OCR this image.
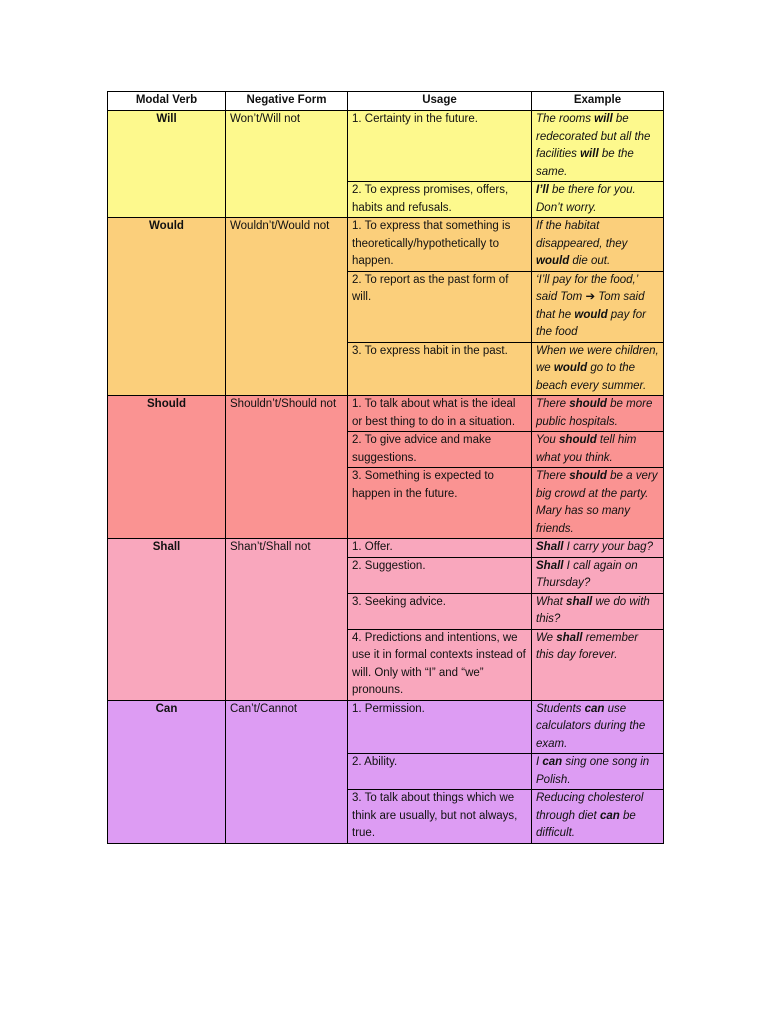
Modal Verb	Negative Form	Usage	Example
Will	Won’t/Will not	1. Certainty in the future.	The rooms will be redecorated but all the facilities will be the same.
		2. To express promises, offers, habits and refusals.	I’ll be there for you. Don’t worry.
Would	Wouldn’t/Would not	1. To express that something is theoretically/hypothetically to happen.	If the habitat disappeared, they would die out.
		2. To report as the past form of will.	‘I’ll pay for the food,’ said Tom ➔ Tom said that he would pay for the food
		3. To express habit in the past.	When we were children, we would go to the beach every summer.
Should	Shouldn’t/Should not	1. To talk about what is the ideal or best thing to do in a situation.	There should be more public hospitals.
		2. To give advice and make suggestions.	You should tell him what you think.
		3. Something is expected to happen in the future.	There should be a very big crowd at the party. Mary has so many friends.
Shall	Shan’t/Shall not	1. Offer.	Shall I carry your bag?
		2. Suggestion.	Shall I call again on Thursday?
		3. Seeking advice.	What shall we do with this?
		4. Predictions and intentions, we use it in formal contexts instead of will. Only with “I” and “we” pronouns.	We shall remember this day forever.
Can	Can’t/Cannot	1. Permission.	Students can use calculators during the exam.
		2. Ability.	I can sing one song in Polish.
		3. To talk about things which we think are usually, but not always, true.	Reducing cholesterol through diet can be difficult.
